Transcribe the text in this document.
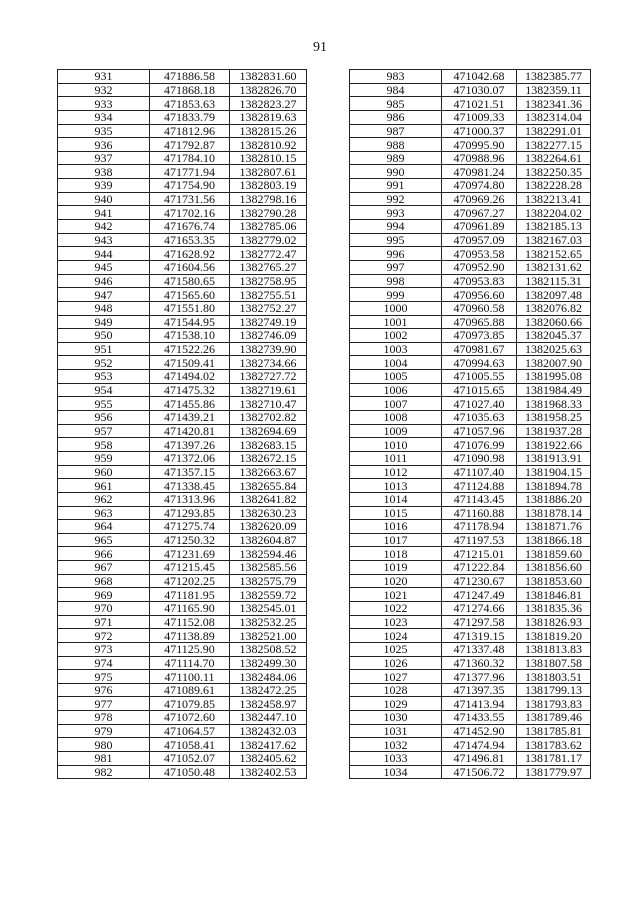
91
931	471886.58	1382831.60
932	471868.18	1382826.70
933	471853.63	1382823.27
934	471833.79	1382819.63
935	471812.96	1382815.26
936	471792.87	1382810.92
937	471784.10	1382810.15
938	471771.94	1382807.61
939	471754.90	1382803.19
940	471731.56	1382798.16
941	471702.16	1382790.28
942	471676.74	1382785.06
943	471653.35	1382779.02
944	471628.92	1382772.47
945	471604.56	1382765.27
946	471580.65	1382758.95
947	471565.60	1382755.51
948	471551.80	1382752.27
949	471544.95	1382749.19
950	471538.10	1382746.09
951	471522.26	1382739.90
952	471509.41	1382734.66
953	471494.02	1382727.72
954	471475.32	1382719.61
955	471455.86	1382710.47
956	471439.21	1382702.82
957	471420.81	1382694.69
958	471397.26	1382683.15
959	471372.06	1382672.15
960	471357.15	1382663.67
961	471338.45	1382655.84
962	471313.96	1382641.82
963	471293.85	1382630.23
964	471275.74	1382620.09
965	471250.32	1382604.87
966	471231.69	1382594.46
967	471215.45	1382585.56
968	471202.25	1382575.79
969	471181.95	1382559.72
970	471165.90	1382545.01
971	471152.08	1382532.25
972	471138.89	1382521.00
973	471125.90	1382508.52
974	471114.70	1382499.30
975	471100.11	1382484.06
976	471089.61	1382472.25
977	471079.85	1382458.97
978	471072.60	1382447.10
979	471064.57	1382432.03
980	471058.41	1382417.62
981	471052.07	1382405.62
982	471050.48	1382402.53
983	471042.68	1382385.77
984	471030.07	1382359.11
985	471021.51	1382341.36
986	471009.33	1382314.04
987	471000.37	1382291.01
988	470995.90	1382277.15
989	470988.96	1382264.61
990	470981.24	1382250.35
991	470974.80	1382228.28
992	470969.26	1382213.41
993	470967.27	1382204.02
994	470961.89	1382185.13
995	470957.09	1382167.03
996	470953.58	1382152.65
997	470952.90	1382131.62
998	470953.83	1382115.31
999	470956.60	1382097.48
1000	470960.58	1382076.82
1001	470965.88	1382060.66
1002	470973.85	1382045.37
1003	470981.67	1382025.63
1004	470994.63	1382007.90
1005	471005.55	1381995.08
1006	471015.65	1381984.49
1007	471027.40	1381968.33
1008	471035.63	1381958.25
1009	471057.96	1381937.28
1010	471076.99	1381922.66
1011	471090.98	1381913.91
1012	471107.40	1381904.15
1013	471124.88	1381894.78
1014	471143.45	1381886.20
1015	471160.88	1381878.14
1016	471178.94	1381871.76
1017	471197.53	1381866.18
1018	471215.01	1381859.60
1019	471222.84	1381856.60
1020	471230.67	1381853.60
1021	471247.49	1381846.81
1022	471274.66	1381835.36
1023	471297.58	1381826.93
1024	471319.15	1381819.20
1025	471337.48	1381813.83
1026	471360.32	1381807.58
1027	471377.96	1381803.51
1028	471397.35	1381799.13
1029	471413.94	1381793.83
1030	471433.55	1381789.46
1031	471452.90	1381785.81
1032	471474.94	1381783.62
1033	471496.81	1381781.17
1034	471506.72	1381779.97
